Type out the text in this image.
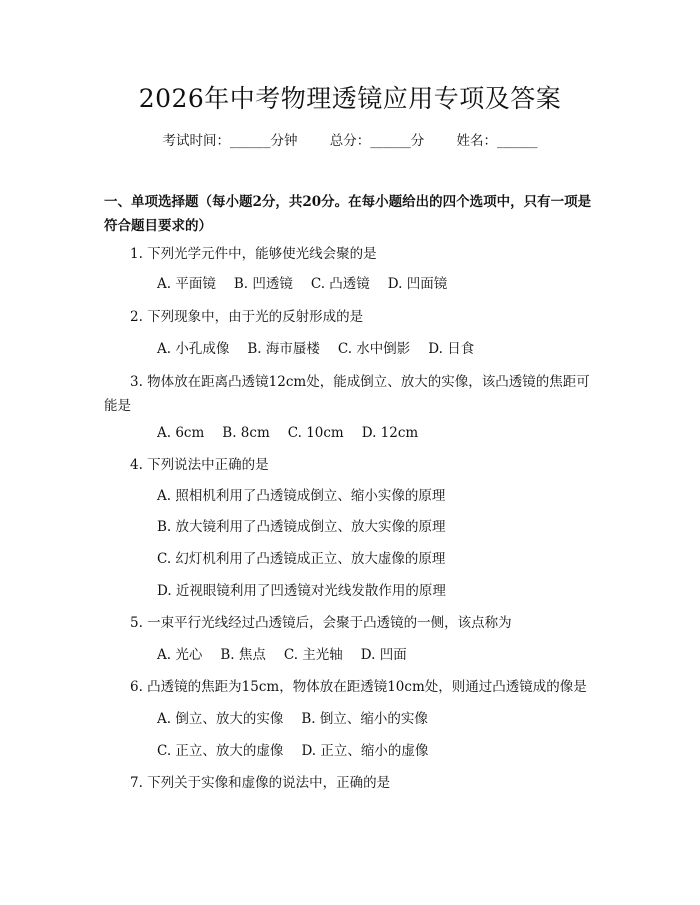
2026年中考物理透镜应用专项及答案
考试时间：______分钟 总分：______分 姓名：______
一、单项选择题（每小题2分，共20分。在每小题给出的四个选项中，只有一项是符合题目要求的）
1. 下列光学元件中，能够使光线会聚的是
A. 平面镜 B. 凹透镜 C. 凸透镜 D. 凹面镜
2. 下列现象中，由于光的反射形成的是
A. 小孔成像 B. 海市蜃楼 C. 水中倒影 D. 日食
3. 物体放在距离凸透镜12cm处，能成倒立、放大的实像，该凸透镜的焦距可
能是
A. 6cm B. 8cm C. 10cm D. 12cm
4. 下列说法中正确的是
A. 照相机利用了凸透镜成倒立、缩小实像的原理
B. 放大镜利用了凸透镜成倒立、放大实像的原理
C. 幻灯机利用了凸透镜成正立、放大虚像的原理
D. 近视眼镜利用了凹透镜对光线发散作用的原理
5. 一束平行光线经过凸透镜后，会聚于凸透镜的一侧，该点称为
A. 光心 B. 焦点 C. 主光轴 D. 凹面
6. 凸透镜的焦距为15cm，物体放在距透镜10cm处，则通过凸透镜成的像是
A. 倒立、放大的实像 B. 倒立、缩小的实像
C. 正立、放大的虚像 D. 正立、缩小的虚像
7. 下列关于实像和虚像的说法中，正确的是
